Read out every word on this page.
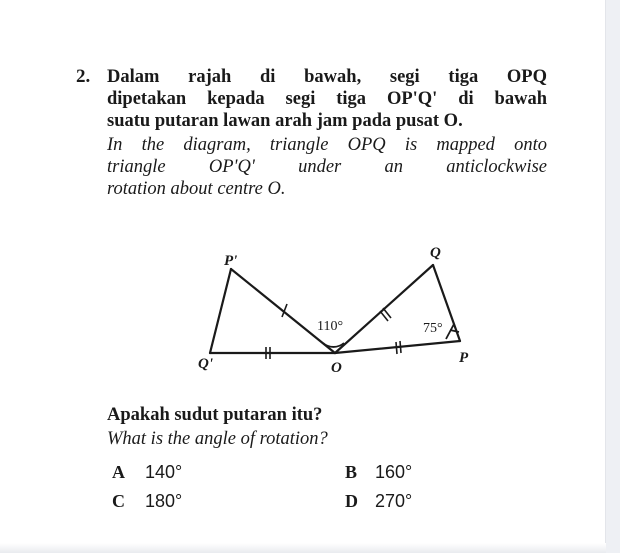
2. Dalam rajah di bawah, segi tiga OPQ
dipetakan kepada segi tiga OP'Q' di bawah
suatu putaran lawan arah jam pada pusat O.
In the diagram, triangle OPQ is mapped onto
triangle OP'Q' under an anticlockwise
rotation about centre O.
P'
Q'	O
P
Q
110°	75°
Apakah sudut putaran itu?
What is the angle of rotation?
A 140°	B 160°
C 180°	D 270°
